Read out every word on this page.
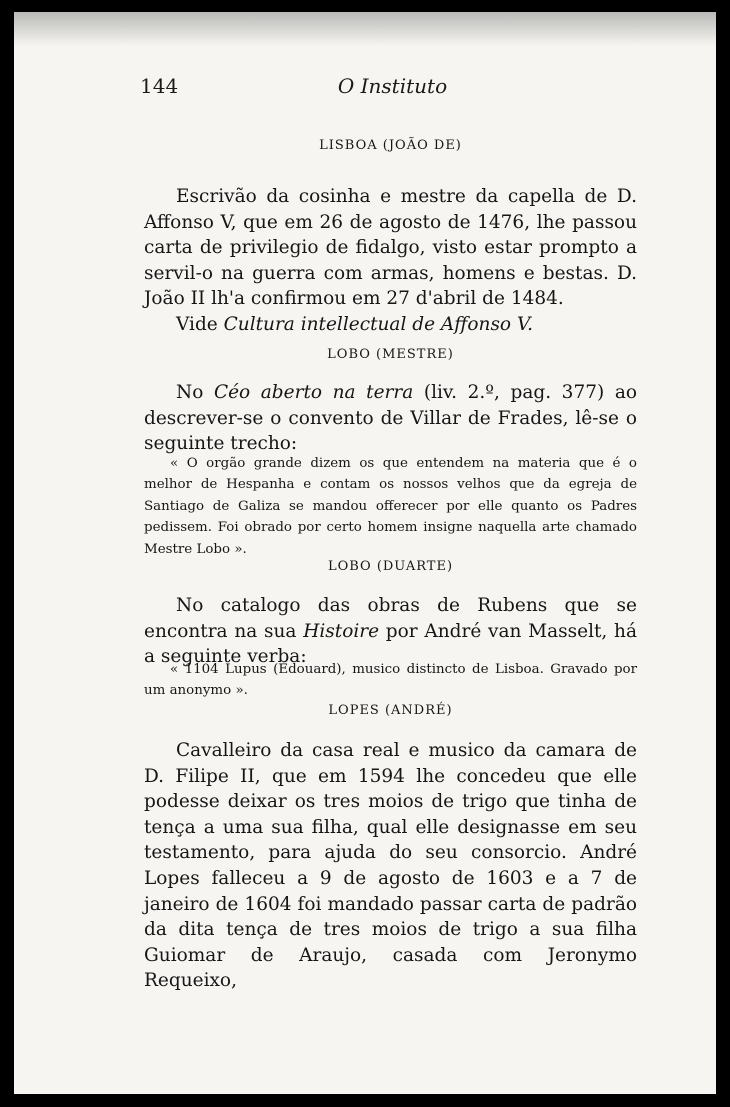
144	O Instituto
LISBOA (JOÃO DE)

Escrivão da cosinha e mestre da capella de D. Affonso V, que em 26 de agosto de 1476, lhe passou carta de privilegio de fidalgo, visto estar prompto a servil-o na guerra com armas, homens e bestas. D. João II lh'a confirmou em 27 d'abril de 1484.

Vide Cultura intellectual de Affonso V.

LOBO (MESTRE)

No Céo aberto na terra (liv. 2.º, pag. 377) ao descrever-se o convento de Villar de Frades, lê-se o seguinte trecho:

« O orgão grande dizem os que entendem na materia que é o melhor de Hespanha e contam os nossos velhos que da egreja de Santiago de Galiza se mandou offerecer por elle quanto os Padres pedissem. Foi obrado por certo homem insigne naquella arte chamado Mestre Lobo ».

LOBO (DUARTE)

No catalogo das obras de Rubens que se encontra na sua Histoire por André van Masselt, há a seguinte verba:

« 1104 Lupus (Edouard), musico distincto de Lisboa. Gravado por um anonymo ».

LOPES (ANDRÉ)

Cavalleiro da casa real e musico da camara de D. Filipe II, que em 1594 lhe concedeu que elle podesse deixar os tres moios de trigo que tinha de tença a uma sua filha, qual elle designasse em seu testamento, para ajuda do seu consorcio. André Lopes falleceu a 9 de agosto de 1603 e a 7 de janeiro de 1604 foi mandado passar carta de padrão da dita tença de tres moios de trigo a sua filha Guiomar de Araujo, casada com Jeronymo Requeixo,
